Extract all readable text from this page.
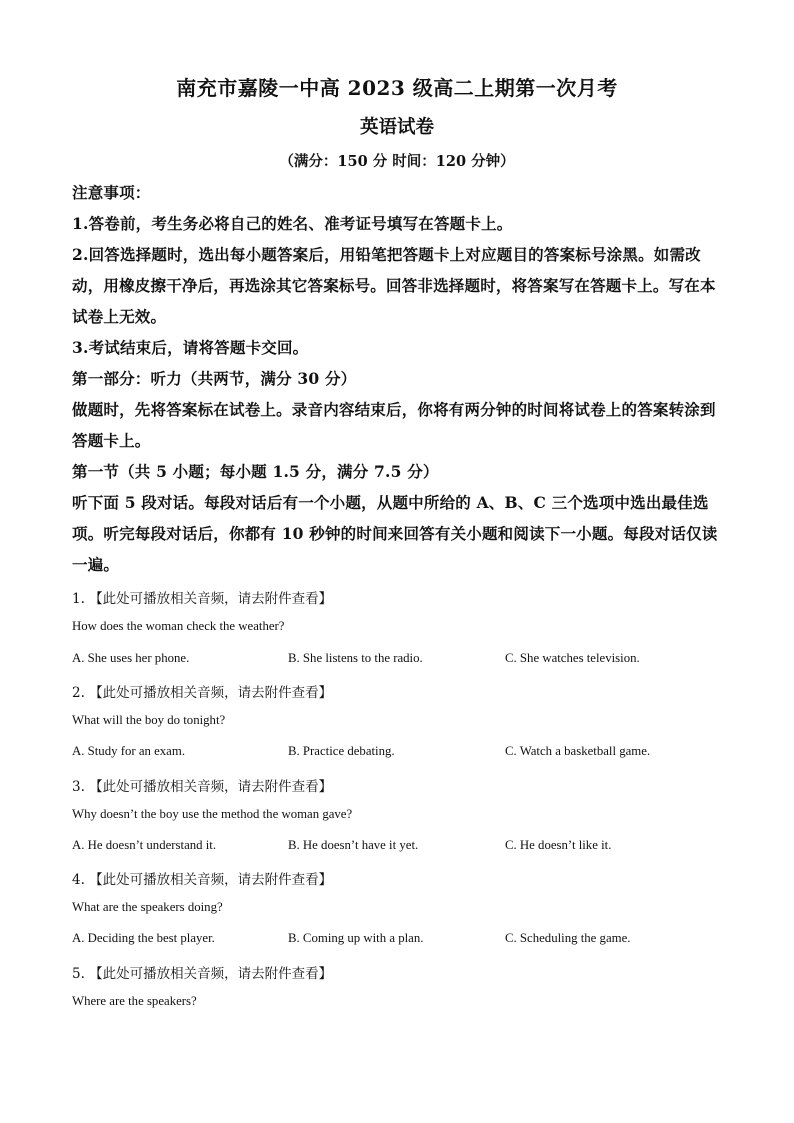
南充市嘉陵一中高 2023 级高二上期第一次月考
英语试卷
（满分：150 分 时间：120 分钟）
注意事项：
1.答卷前，考生务必将自己的姓名、准考证号填写在答题卡上。
2.回答选择题时，选出每小题答案后，用铅笔把答题卡上对应题目的答案标号涂黑。如需改动，用橡皮擦干净后，再选涂其它答案标号。回答非选择题时，将答案写在答题卡上。写在本试卷上无效。
3.考试结束后，请将答题卡交回。
第一部分：听力（共两节，满分 30 分）
做题时，先将答案标在试卷上。录音内容结束后，你将有两分钟的时间将试卷上的答案转涂到答题卡上。
第一节（共 5 小题；每小题 1.5 分，满分 7.5 分）
听下面 5 段对话。每段对话后有一个小题，从题中所给的 A、B、C 三个选项中选出最佳选项。听完每段对话后，你都有 10 秒钟的时间来回答有关小题和阅读下一小题。每段对话仅读一遍。
1. 【此处可播放相关音频，请去附件查看】
How does the woman check the weather?
A. She uses her phone.	B. She listens to the radio.	C. She watches television.
2. 【此处可播放相关音频，请去附件查看】
What will the boy do tonight?
A. Study for an exam.	B. Practice debating.	C. Watch a basketball game.
3. 【此处可播放相关音频，请去附件查看】
Why doesn’t the boy use the method the woman gave?
A. He doesn’t understand it.	B. He doesn’t have it yet.	C. He doesn’t like it.
4. 【此处可播放相关音频，请去附件查看】
What are the speakers doing?
A. Deciding the best player.	B. Coming up with a plan.	C. Scheduling the game.
5. 【此处可播放相关音频，请去附件查看】
Where are the speakers?
